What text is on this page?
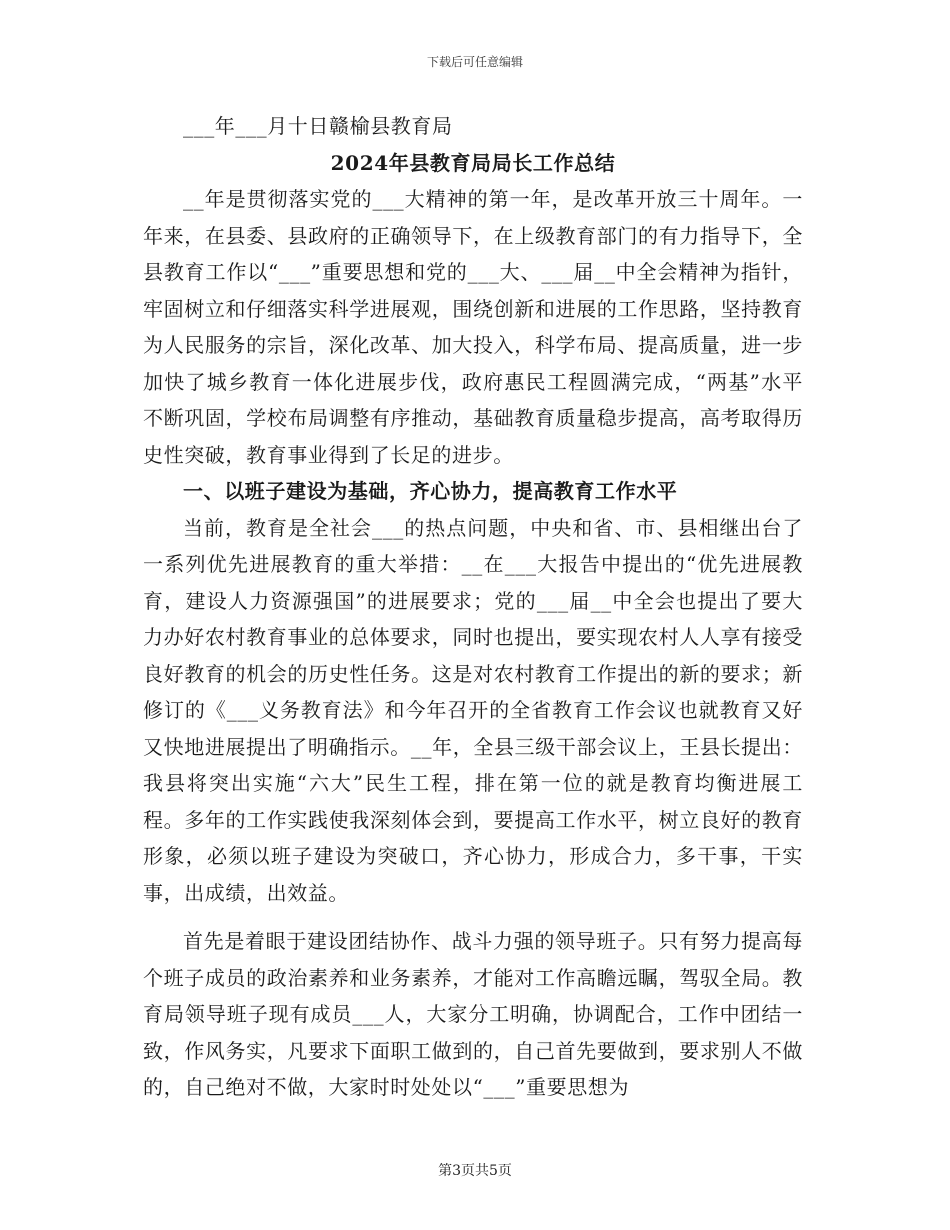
下载后可任意编辑

___年___月十日赣榆县教育局

2024年县教育局局长工作总结

__年是贯彻落实党的___大精神的第一年，是改革开放三十周年。一年来，在县委、县政府的正确领导下，在上级教育部门的有力指导下，全县教育工作以“___”重要思想和党的___大、___届__中全会精神为指针，牢固树立和仔细落实科学进展观，围绕创新和进展的工作思路，坚持教育为人民服务的宗旨，深化改革、加大投入，科学布局、提高质量，进一步加快了城乡教育一体化进展步伐，政府惠民工程圆满完成，“两基”水平不断巩固，学校布局调整有序推动，基础教育质量稳步提高，高考取得历史性突破，教育事业得到了长足的进步。

一、以班子建设为基础，齐心协力，提高教育工作水平

当前，教育是全社会___的热点问题，中央和省、市、县相继出台了一系列优先进展教育的重大举措：__在___大报告中提出的“优先进展教育，建设人力资源强国”的进展要求；党的___届__中全会也提出了要大力办好农村教育事业的总体要求，同时也提出，要实现农村人人享有接受良好教育的机会的历史性任务。这是对农村教育工作提出的新的要求；新修订的《___义务教育法》和今年召开的全省教育工作会议也就教育又好又快地进展提出了明确指示。__年，全县三级干部会议上，王县长提出：我县将突出实施“六大”民生工程，排在第一位的就是教育均衡进展工程。多年的工作实践使我深刻体会到，要提高工作水平，树立良好的教育形象，必须以班子建设为突破口，齐心协力，形成合力，多干事，干实事，出成绩，出效益。

首先是着眼于建设团结协作、战斗力强的领导班子。只有努力提高每个班子成员的政治素养和业务素养，才能对工作高瞻远瞩，驾驭全局。教育局领导班子现有成员___人，大家分工明确，协调配合，工作中团结一致，作风务实，凡要求下面职工做到的，自己首先要做到，要求别人不做的，自己绝对不做，大家时时处处以“___”重要思想为

第3页共5页
